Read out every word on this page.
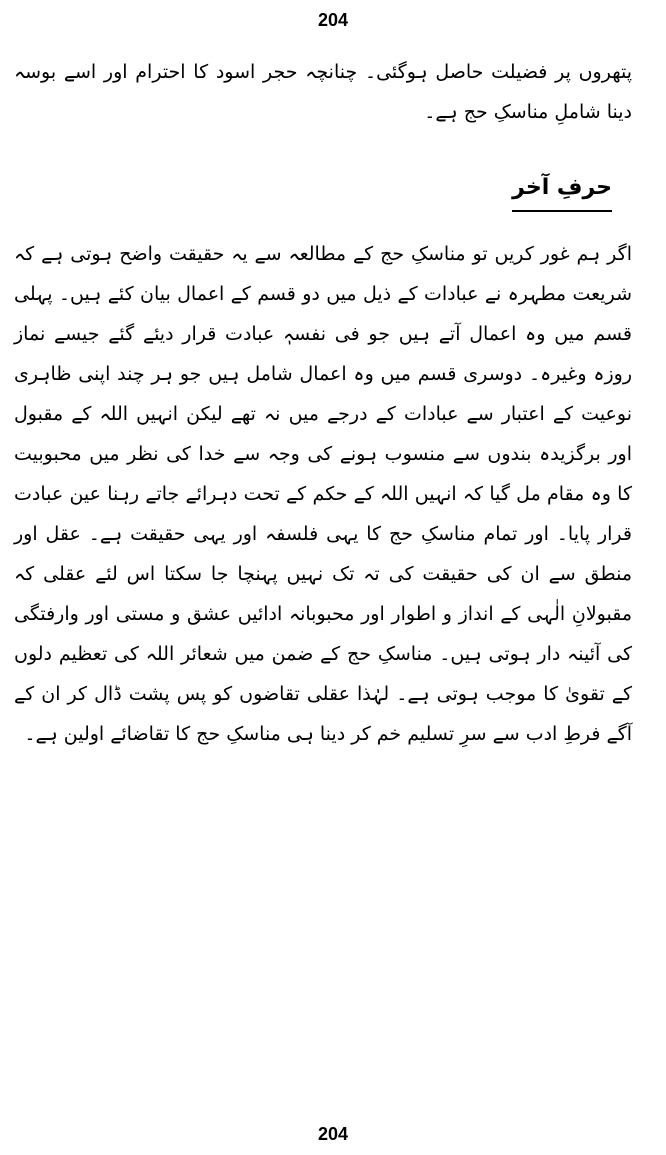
204

پتھروں پر فضیلت حاصل ہوگئی۔ چنانچہ حجر اسود کا احترام اور اسے بوسہ دینا شاملِ مناسکِ حج ہے۔

حرفِ آخر

اگر ہم غور کریں تو مناسکِ حج کے مطالعہ سے یہ حقیقت واضح ہوتی ہے کہ شریعت مطہرہ نے عبادات کے ذیل میں دو قسم کے اعمال بیان کئے ہیں۔ پہلی قسم میں وہ اعمال آتے ہیں جو فی نفسہٖ عبادت قرار دیئے گئے جیسے نماز روزہ وغیرہ۔ دوسری قسم میں وہ اعمال شامل ہیں جو ہر چند اپنی ظاہری نوعیت کے اعتبار سے عبادات کے درجے میں نہ تھے لیکن انہیں اللہ کے مقبول اور برگزیدہ بندوں سے منسوب ہونے کی وجہ سے خدا کی نظر میں محبوبیت کا وہ مقام مل گیا کہ انہیں اللہ کے حکم کے تحت دہرائے جاتے رہنا عین عبادت قرار پایا۔ اور تمام مناسکِ حج کا یہی فلسفہ اور یہی حقیقت ہے۔ عقل اور منطق سے ان کی حقیقت کی تہ تک نہیں پہنچا جا سکتا اس لئے عقلی کہ مقبولانِ الٰہی کے انداز و اطوار اور محبوبانہ ادائیں عشق و مستی اور وارفتگی کی آئینہ دار ہوتی ہیں۔ مناسکِ حج کے ضمن میں شعائر اللہ کی تعظیم دلوں کے تقویٰ کا موجب ہوتی ہے۔ لہٰذا عقلی تقاضوں کو پس پشت ڈال کر ان کے آگے فرطِ ادب سے سرِ تسلیم خم کر دینا ہی مناسکِ حج کا تقاضائے اولین ہے۔

204
